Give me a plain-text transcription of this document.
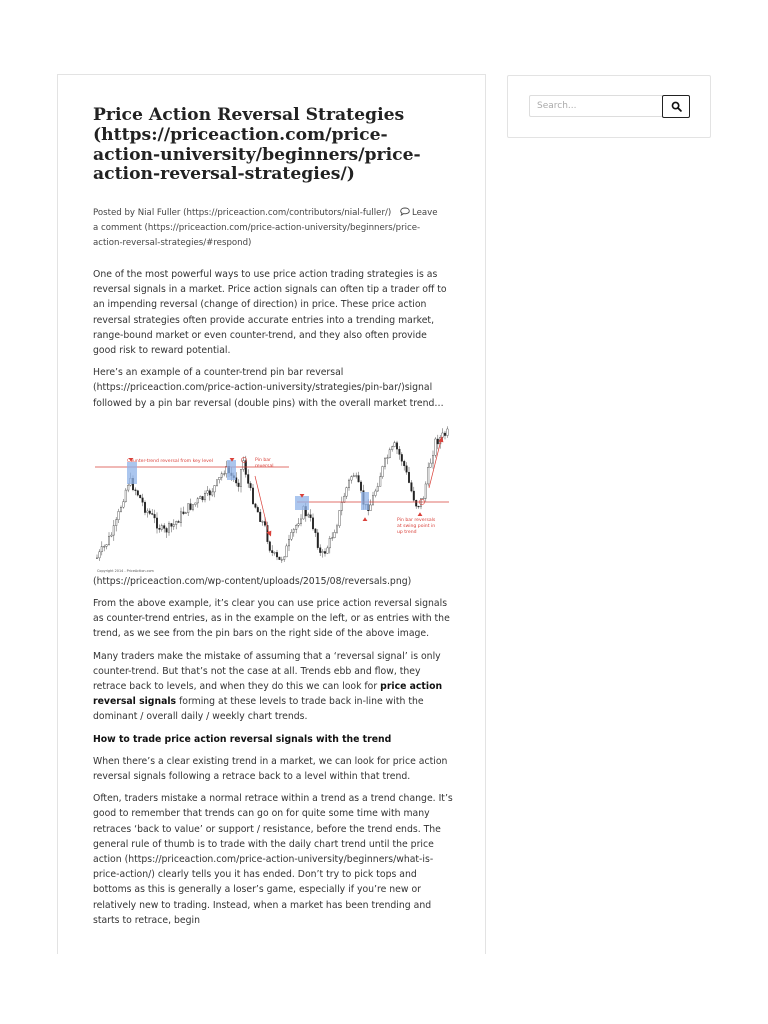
Price Action Reversal Strategies (https://priceaction.com/price-action-university/beginners/price-action-reversal-strategies/)

Posted by Nial Fuller (https://priceaction.com/contributors/nial-fuller/) Leave a comment (https://priceaction.com/price-action-university/beginners/price-action-reversal-strategies/#respond)

One of the most powerful ways to use price action trading strategies is as reversal signals in a market. Price action signals can often tip a trader off to an impending reversal (change of direction) in price. These price action reversal strategies often provide accurate entries into a trending market, range-bound market or even counter-trend, and they also often provide good risk to reward potential.

Here’s an example of a counter-trend pin bar reversal (https://priceaction.com/price-action-university/strategies/pin-bar/)signal followed by a pin bar reversal (double pins) with the overall market trend…

Counter-trend reversal from key level	Pin bar
reversal
Pin bar reversals
at swing point in
up trend
Copyright 2014 - PriceAction.com

(https://priceaction.com/wp-content/uploads/2015/08/reversals.png)

From the above example, it’s clear you can use price action reversal signals as counter-trend entries, as in the example on the left, or as entries with the trend, as we see from the pin bars on the right side of the above image.

Many traders make the mistake of assuming that a ‘reversal signal’ is only counter-trend. But that’s not the case at all. Trends ebb and flow, they retrace back to levels, and when they do this we can look for price action reversal signals forming at these levels to trade back in-line with the dominant / overall daily / weekly chart trends.

How to trade price action reversal signals with the trend

When there’s a clear existing trend in a market, we can look for price action reversal signals following a retrace back to a level within that trend.

Often, traders mistake a normal retrace within a trend as a trend change. It’s good to remember that trends can go on for quite some time with many retraces ‘back to value’ or support / resistance, before the trend ends. The general rule of thumb is to trade with the daily chart trend until the price action (https://priceaction.com/price-action-university/beginners/what-is-price-action/) clearly tells you it has ended. Don’t try to pick tops and bottoms as this is generally a loser’s game, especially if you’re new or relatively new to trading. Instead, when a market has been trending and starts to retrace, begin

Search...
